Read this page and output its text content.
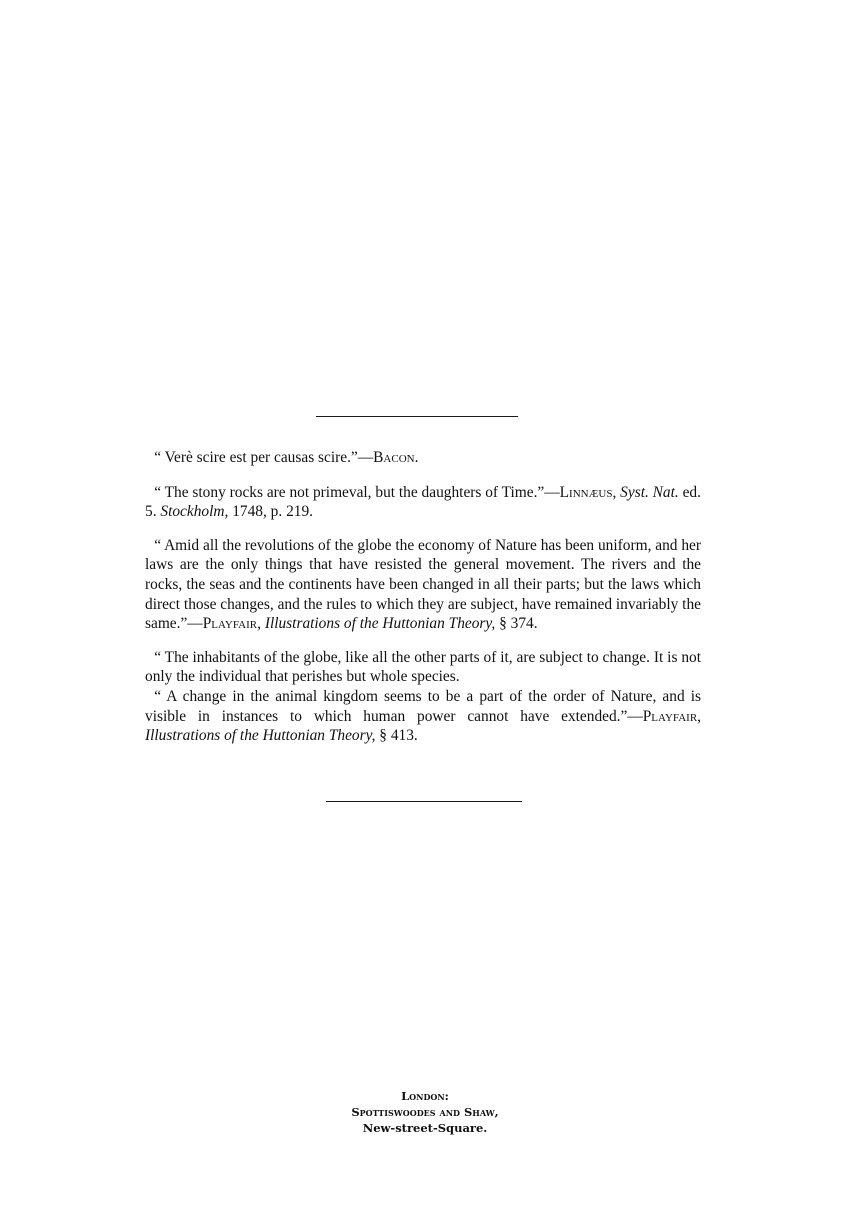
“ Verè scire est per causas scire.”—Bacon.

“ The stony rocks are not primeval, but the daughters of Time.”—Linnæus, Syst. Nat. ed. 5. Stockholm, 1748, p. 219.

“ Amid all the revolutions of the globe the economy of Nature has been uniform, and her laws are the only things that have resisted the general movement. The rivers and the rocks, the seas and the continents have been changed in all their parts; but the laws which direct those changes, and the rules to which they are subject, have remained invariably the same.”—Playfair, Illustrations of the Huttonian Theory, § 374.

“ The inhabitants of the globe, like all the other parts of it, are subject to change. It is not only the individual that perishes but whole species.

“ A change in the animal kingdom seems to be a part of the order of Nature, and is visible in instances to which human power cannot have extended.”—Playfair, Illustrations of the Huttonian Theory, § 413.

London:
Spottiswoodes and Shaw,
New-street-Square.
